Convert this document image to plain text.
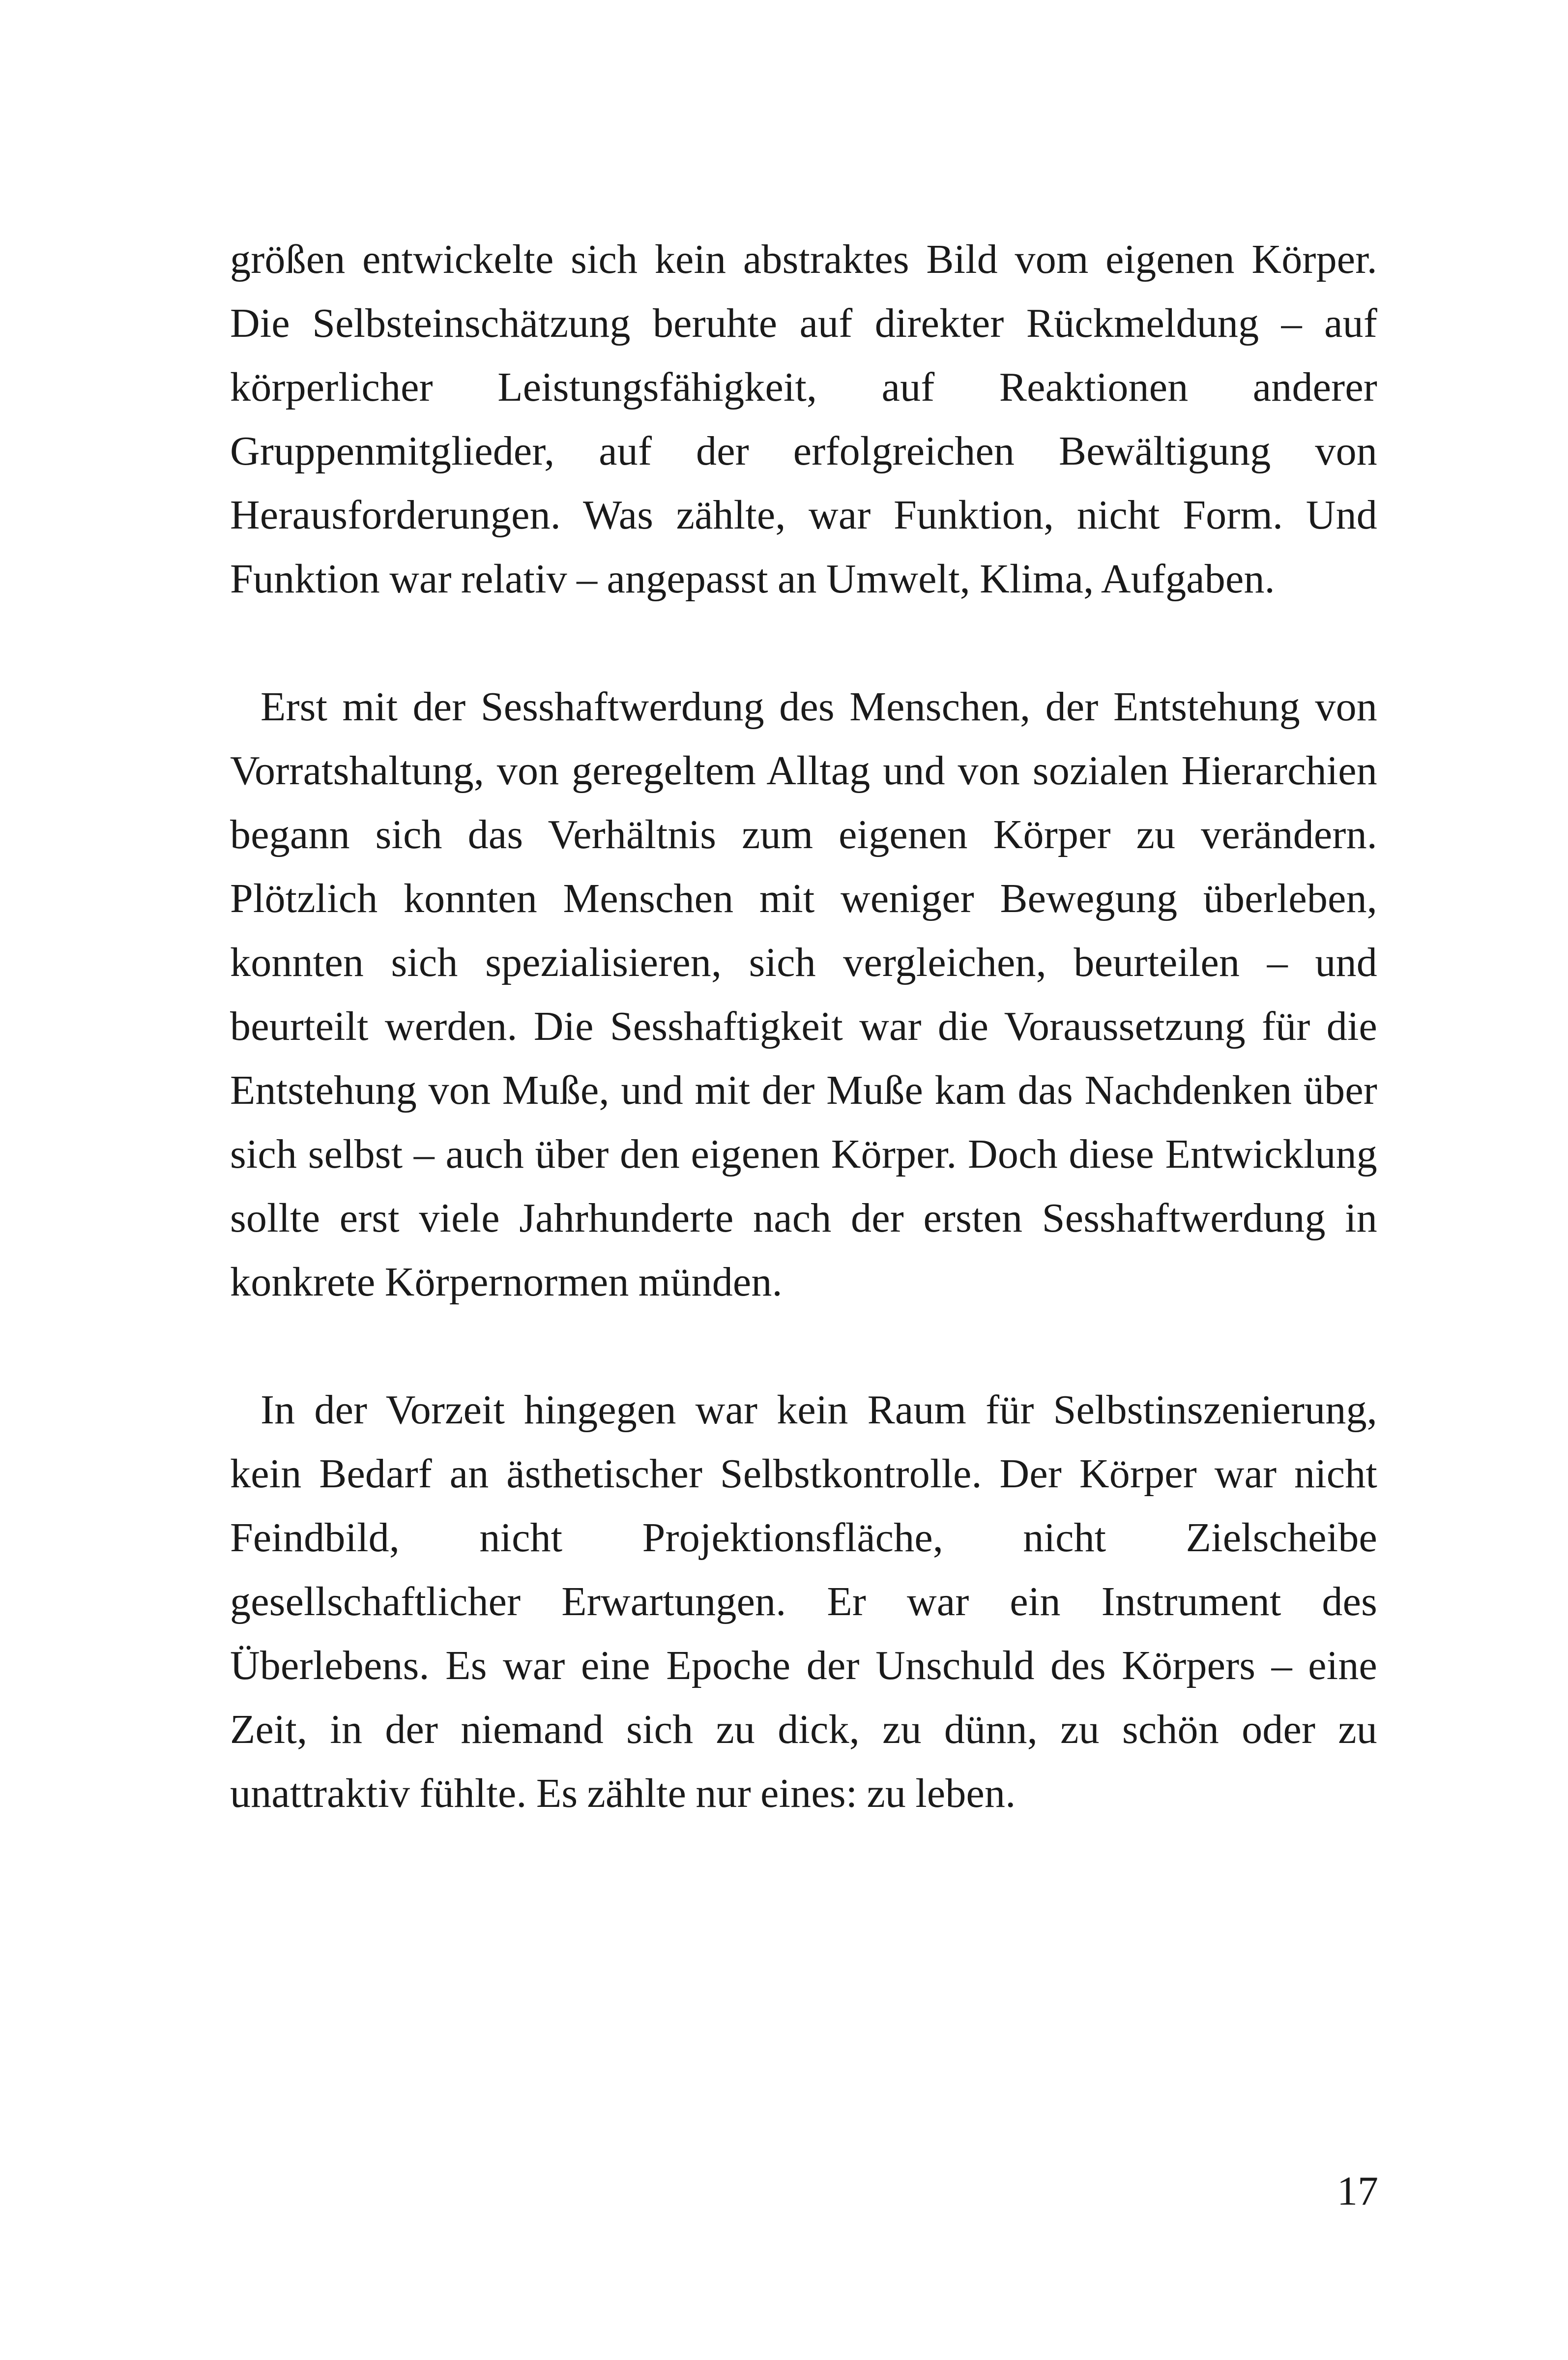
größen entwickelte sich kein abstraktes Bild vom eigenen Körper. Die Selbsteinschätzung beruhte auf direkter Rückmeldung – auf körperlicher Leistungsfähigkeit, auf Reaktionen anderer Gruppenmitglieder, auf der erfolgreichen Bewältigung von Herausforderungen. Was zählte, war Funktion, nicht Form. Und Funktion war relativ – angepasst an Umwelt, Klima, Aufgaben.

Erst mit der Sesshaftwerdung des Menschen, der Entstehung von Vorratshaltung, von geregeltem Alltag und von sozialen Hierarchien begann sich das Verhältnis zum eigenen Körper zu verändern. Plötzlich konnten Menschen mit weniger Bewegung überleben, konnten sich spezialisieren, sich vergleichen, beurteilen – und beurteilt werden. Die Sesshaftigkeit war die Voraussetzung für die Entstehung von Muße, und mit der Muße kam das Nachdenken über sich selbst – auch über den eigenen Körper. Doch diese Entwicklung sollte erst viele Jahrhunderte nach der ersten Sesshaftwerdung in konkrete Körpernormen münden.

In der Vorzeit hingegen war kein Raum für Selbstinszenierung, kein Bedarf an ästhetischer Selbstkontrolle. Der Körper war nicht Feindbild, nicht Projektionsfläche, nicht Zielscheibe gesellschaftlicher Erwartungen. Er war ein Instrument des Überlebens. Es war eine Epoche der Unschuld des Körpers – eine Zeit, in der niemand sich zu dick, zu dünn, zu schön oder zu unattraktiv fühlte. Es zählte nur eines: zu leben.

17
